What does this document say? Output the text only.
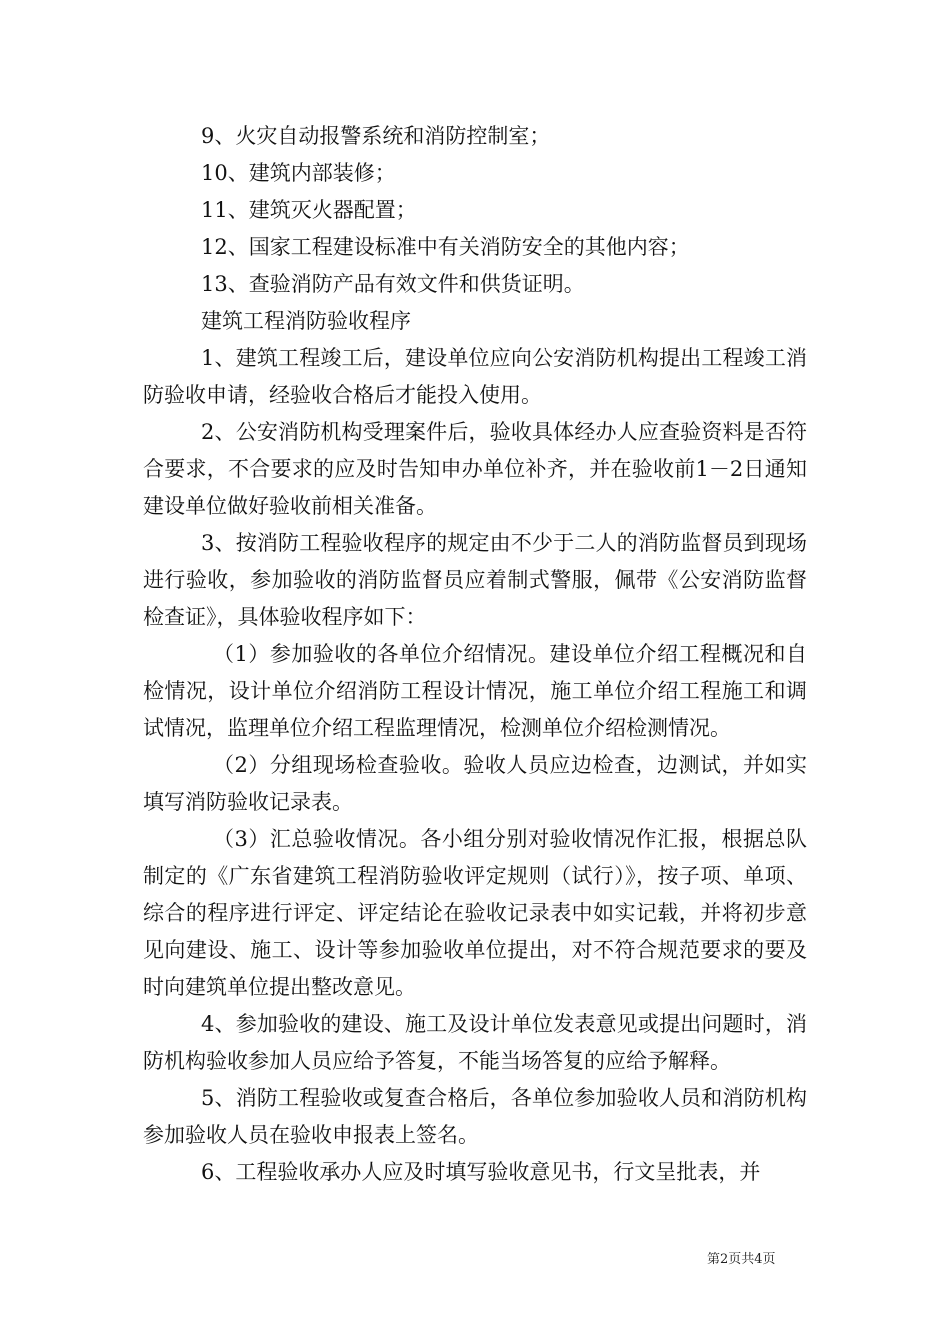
9、火灾自动报警系统和消防控制室；

10、建筑内部装修；

11、建筑灭火器配置；

12、国家工程建设标准中有关消防安全的其他内容；

13、查验消防产品有效文件和供货证明。

建筑工程消防验收程序

1、建筑工程竣工后，建设单位应向公安消防机构提出工程竣工消防验收申请，经验收合格后才能投入使用。

2、公安消防机构受理案件后，验收具体经办人应查验资料是否符合要求，不合要求的应及时告知申办单位补齐，并在验收前1－2日通知建设单位做好验收前相关准备。

3、按消防工程验收程序的规定由不少于二人的消防监督员到现场进行验收，参加验收的消防监督员应着制式警服，佩带《公安消防监督检查证》，具体验收程序如下：

（1）参加验收的各单位介绍情况。建设单位介绍工程概况和自检情况，设计单位介绍消防工程设计情况，施工单位介绍工程施工和调试情况，监理单位介绍工程监理情况，检测单位介绍检测情况。

（2）分组现场检查验收。验收人员应边检查，边测试，并如实填写消防验收记录表。

（3）汇总验收情况。各小组分别对验收情况作汇报，根据总队制定的《广东省建筑工程消防验收评定规则（试行）》，按子项、单项、综合的程序进行评定、评定结论在验收记录表中如实记载，并将初步意见向建设、施工、设计等参加验收单位提出，对不符合规范要求的要及时向建筑单位提出整改意见。

4、参加验收的建设、施工及设计单位发表意见或提出问题时，消防机构验收参加人员应给予答复，不能当场答复的应给予解释。

5、消防工程验收或复查合格后，各单位参加验收人员和消防机构参加验收人员在验收申报表上签名。

6、工程验收承办人应及时填写验收意见书，行文呈批表，并

第2页共4页
